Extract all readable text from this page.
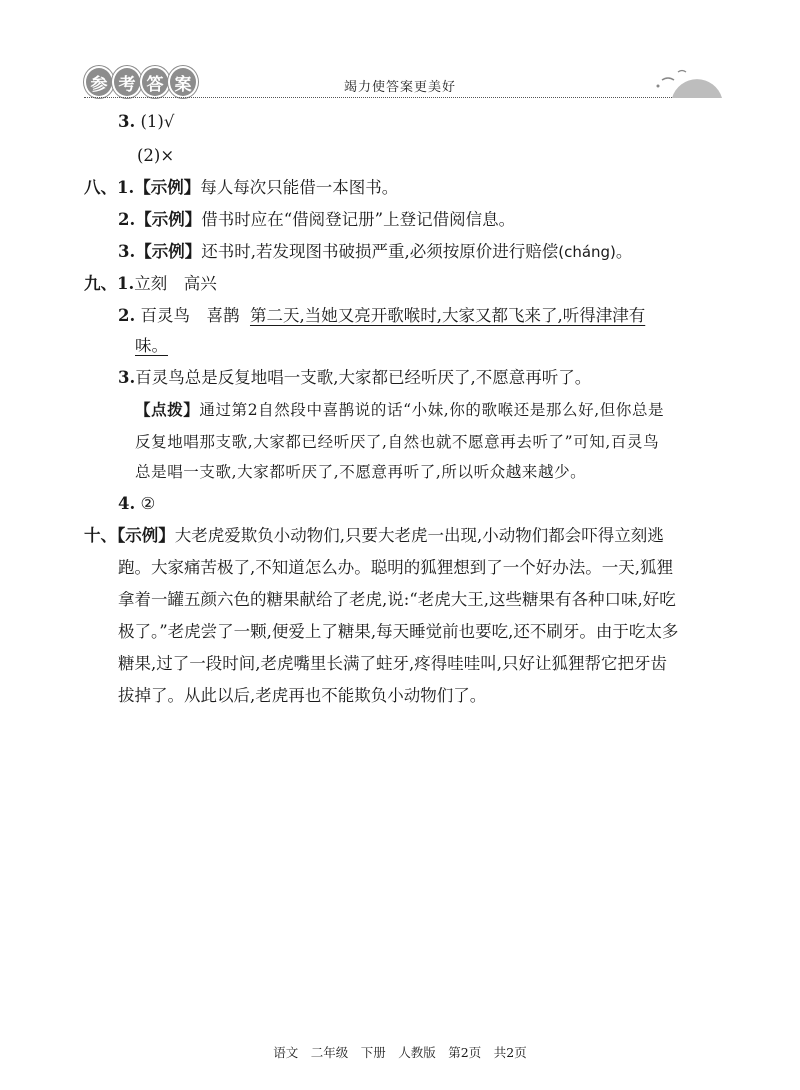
参 考 答 案	竭力使答案更美好
3. (1)√
(2)×
八、1.【示例】每人每次只能借一本图书。
2.【示例】借书时应在“借阅登记册”上登记借阅信息。
3.【示例】还书时,若发现图书破损严重,必须按原价进行赔偿(cháng)。
九、1.立刻　高兴
2. 百灵鸟　喜鹊 第二天,当她又亮开歌喉时,大家又都飞来了,听得津津有
味。
3.百灵鸟总是反复地唱一支歌,大家都已经听厌了,不愿意再听了。
【点拨】通过第2自然段中喜鹊说的话“小妹,你的歌喉还是那么好,但你总是
反复地唱那支歌,大家都已经听厌了,自然也就不愿意再去听了”可知,百灵鸟
总是唱一支歌,大家都听厌了,不愿意再听了,所以听众越来越少。
4. ②
十、【示例】大老虎爱欺负小动物们,只要大老虎一出现,小动物们都会吓得立刻逃
跑。大家痛苦极了,不知道怎么办。聪明的狐狸想到了一个好办法。一天,狐狸
拿着一罐五颜六色的糖果献给了老虎,说:“老虎大王,这些糖果有各种口味,好吃
极了。”老虎尝了一颗,便爱上了糖果,每天睡觉前也要吃,还不刷牙。由于吃太多
糖果,过了一段时间,老虎嘴里长满了蛀牙,疼得哇哇叫,只好让狐狸帮它把牙齿
拔掉了。从此以后,老虎再也不能欺负小动物们了。
语文　二年级　下册　人教版　第2页　共2页
